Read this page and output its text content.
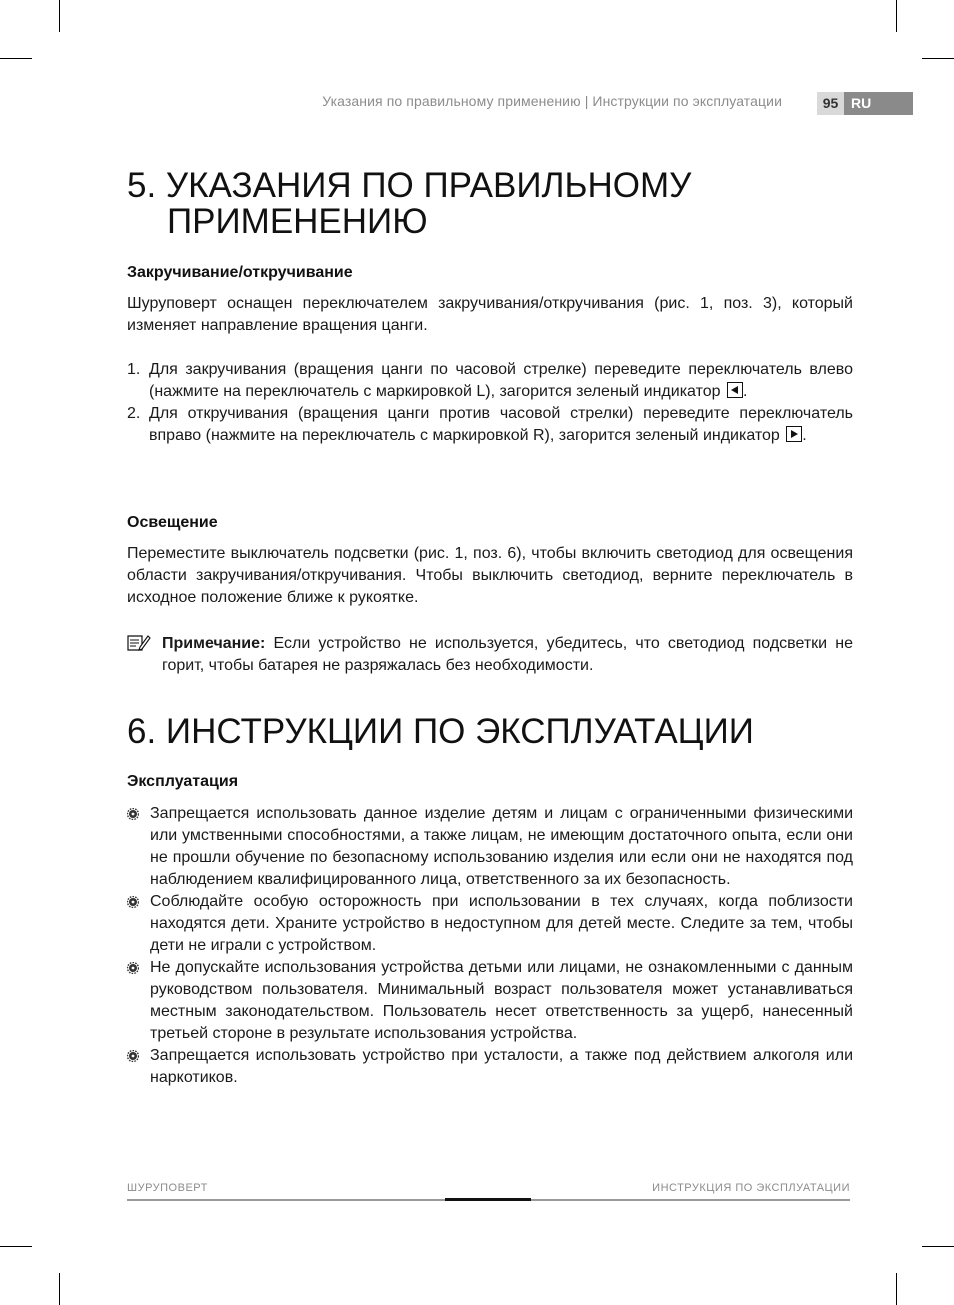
Указания по правильному применению | Инструкции по эксплуатации	95 RU
5. УКАЗАНИЯ ПО ПРАВИЛЬНОМУ
ПРИМЕНЕНИЮ
Закручивание/откручивание

Шуруповерт оснащен переключателем закручивания/откручивания (рис. 1, поз. 3), который изменяет направление вращения цанги.

1. Для закручивания (вращения цанги по часовой стрелке) переведите переключатель влево (нажмите на переключатель с маркировкой L), загорится зеленый индикатор .
2. Для откручивания (вращения цанги против часовой стрелки) переведите переключатель вправо (нажмите на переключатель с маркировкой R), загорится зеленый индикатор .
Освещение

Переместите выключатель подсветки (рис. 1, поз. 6), чтобы включить светодиод для освещения области закручивания/откручивания. Чтобы выключить светодиод, верните переключатель в исходное положение ближе к рукоятке.

Примечание: Если устройство не используется, убедитесь, что светодиод подсветки не горит, чтобы батарея не разряжалась без необходимости.
6. ИНСТРУКЦИИ ПО ЭКСПЛУАТАЦИИ
Эксплуатация
Запрещается использовать данное изделие детям и лицам с ограниченными физическими или умственными способностями, а также лицам, не имеющим достаточного опыта, если они не прошли обучение по безопасному использованию изделия или если они не находятся под наблюдением квалифицированного лица, ответственного за их безопасность.
Соблюдайте особую осторожность при использовании в тех случаях, когда поблизости находятся дети. Храните устройство в недоступном для детей месте. Следите за тем, чтобы дети не играли с устройством.
Не допускайте использования устройства детьми или лицами, не ознакомленными с данным руководством пользователя. Минимальный возраст пользователя может устанавливаться местным законодательством. Пользователь несет ответственность за ущерб, нанесенный третьей стороне в результате использования устройства.
Запрещается использовать устройство при усталости, а также под действием алкоголя или наркотиков.
ШУРУПОВЕРТ	ИНСТРУКЦИЯ ПО ЭКСПЛУАТАЦИИ
